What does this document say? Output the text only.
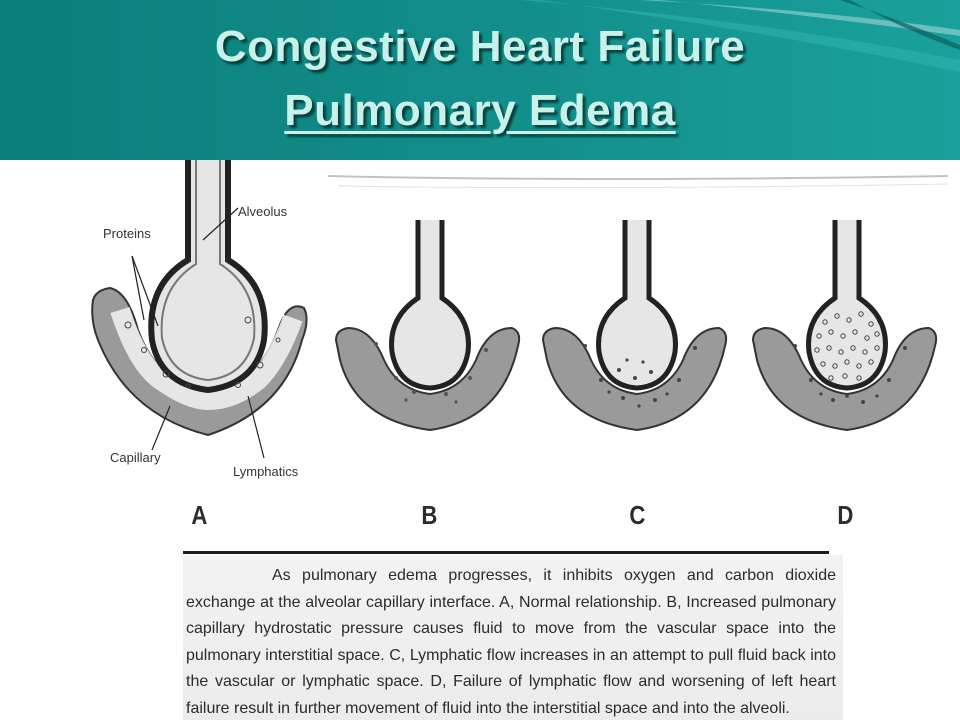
Congestive Heart Failure
Pulmonary Edema
Proteins
Alveolus
Capillary
Lymphatics
A	B	C	D

As pulmonary edema progresses, it inhibits oxygen and carbon dioxide exchange at the alveolar capillary interface. A, Normal relationship. B, Increased pulmonary capillary hydrostatic pressure causes fluid to move from the vascular space into the pulmonary interstitial space. C, Lymphatic flow increases in an attempt to pull fluid back into the vascular or lymphatic space. D, Failure of lymphatic flow and worsening of left heart failure result in further movement of fluid into the interstitial space and into the alveoli.
